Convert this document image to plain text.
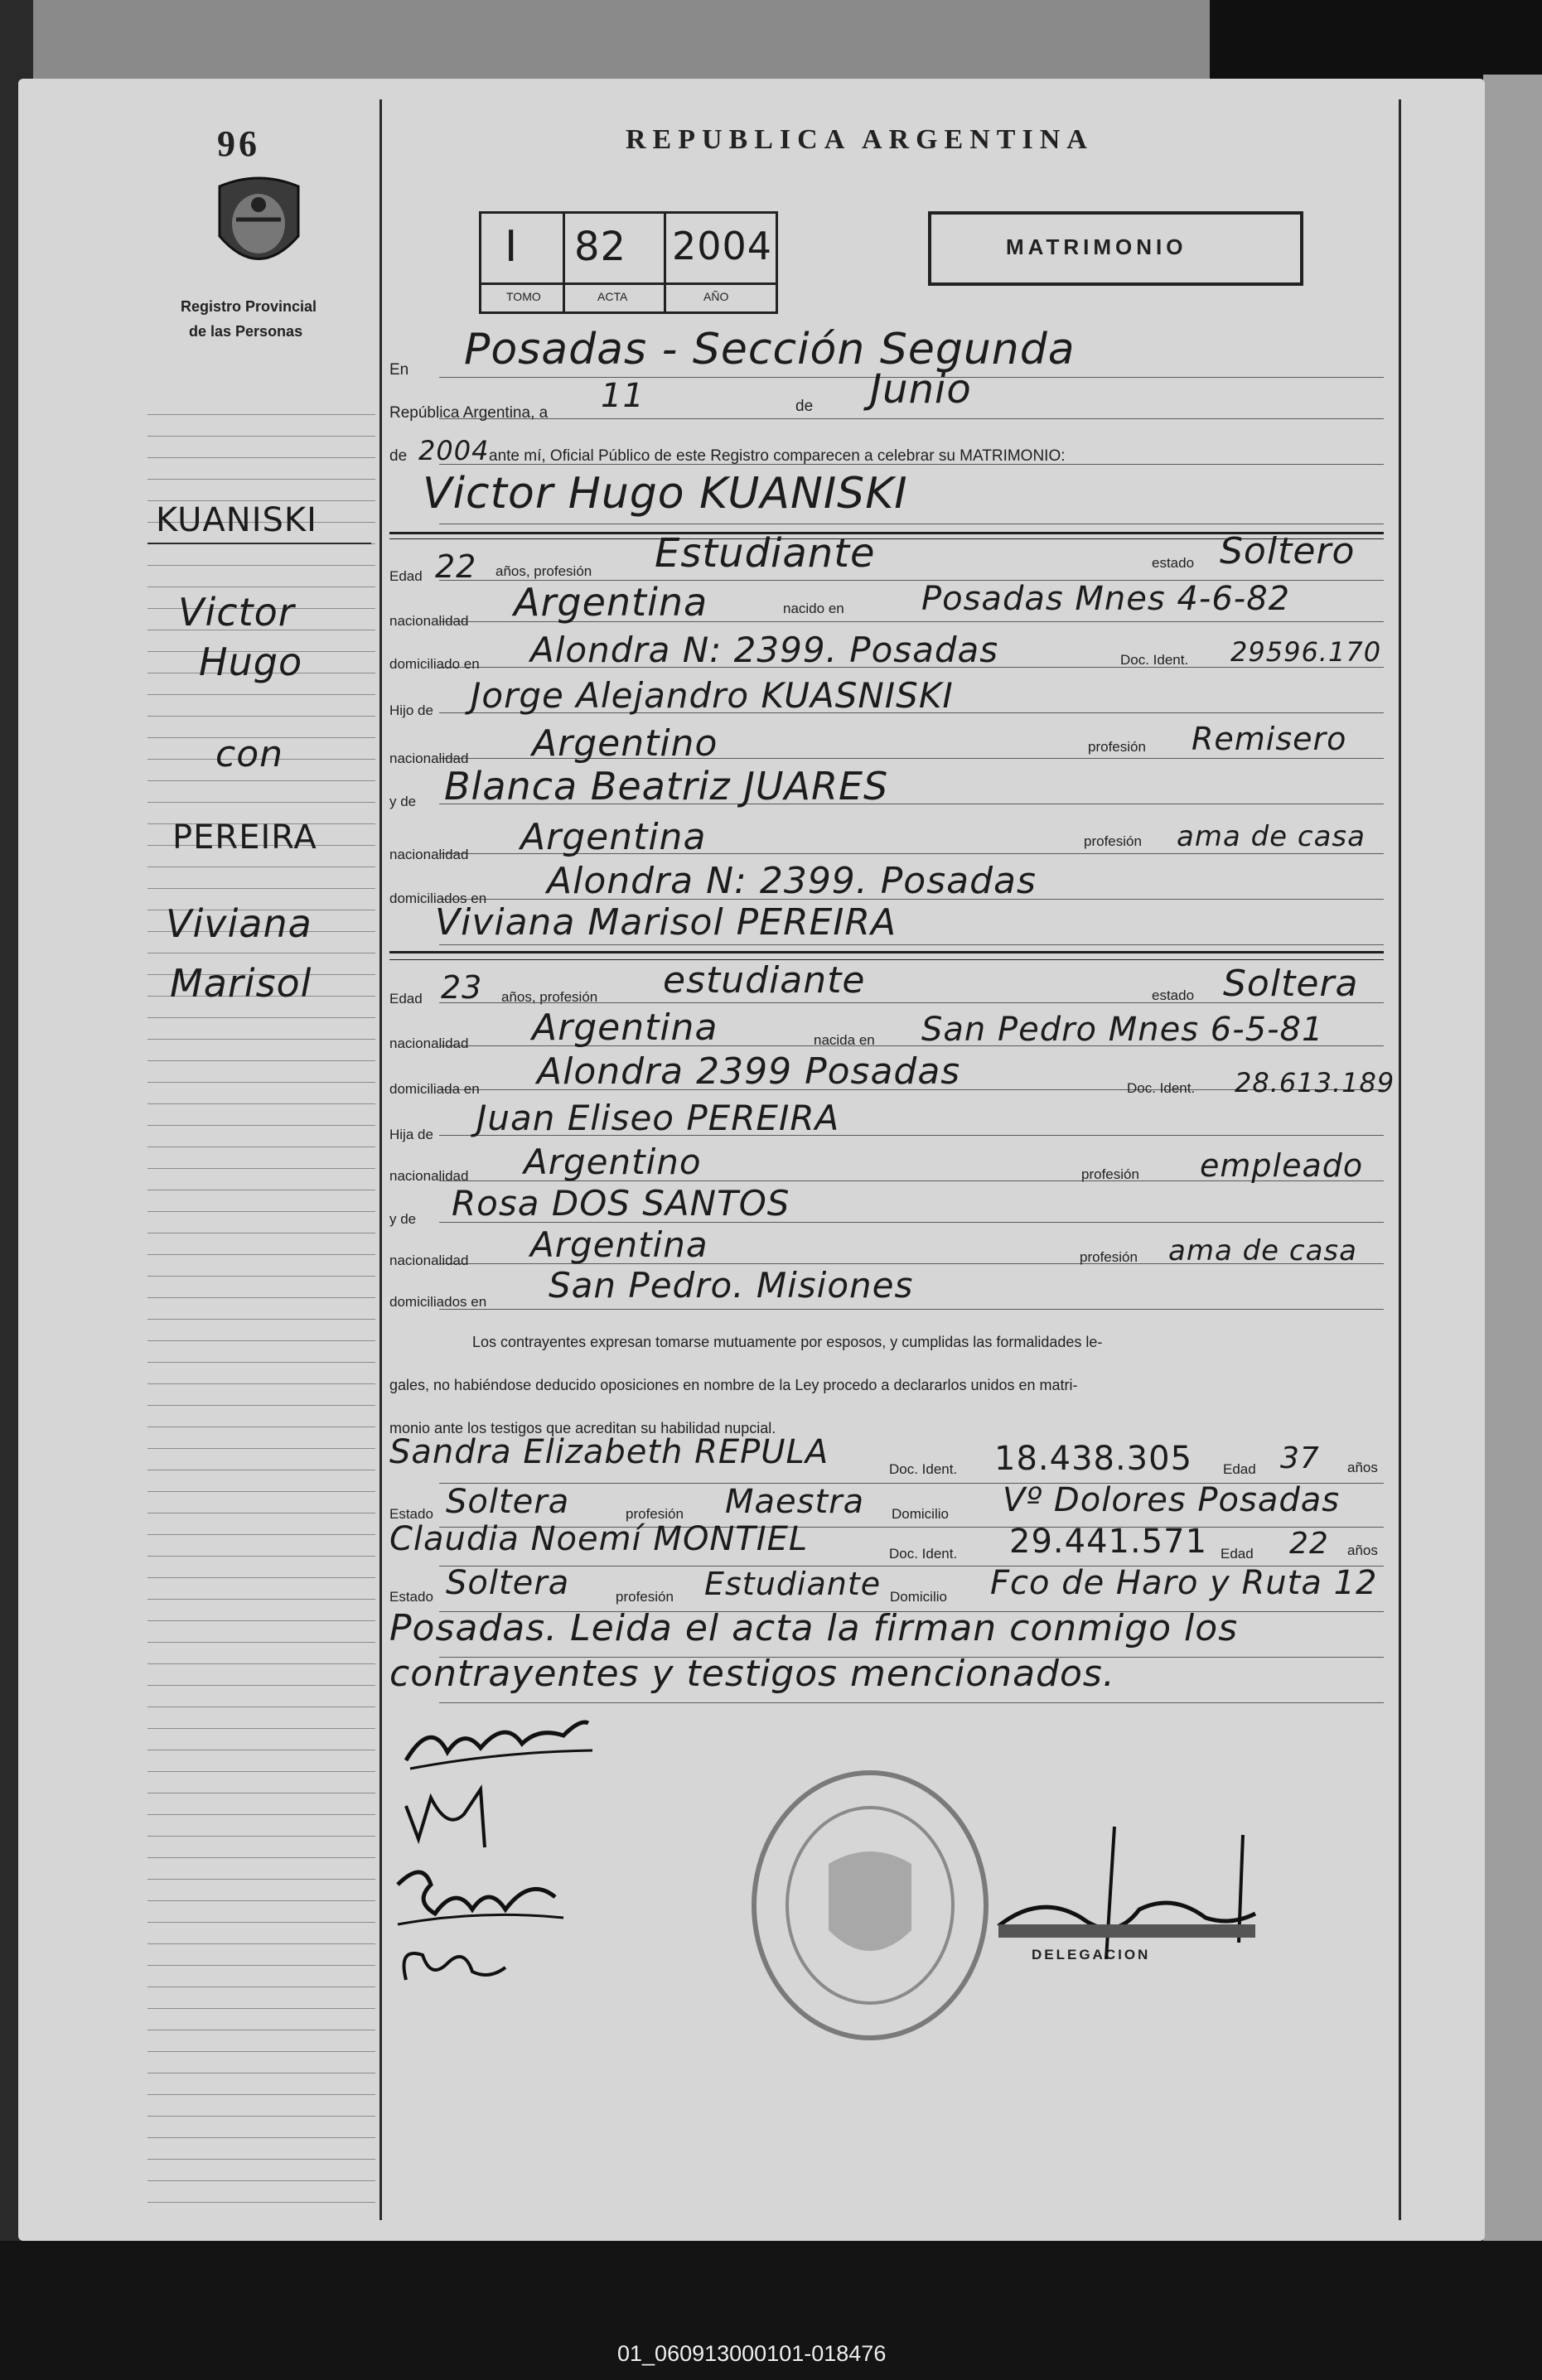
96
Registro Provincial
de las Personas
REPUBLICA ARGENTINA
I 82 2004
TOMO	ACTA	AÑO
MATRIMONIO
En Posadas - Sección Segunda
República Argentina, a 11	de Junio
de 2004 ante mí, Oficial Público de este Registro comparecen a celebrar su MATRIMONIO:
KUANISKI
Victor
Hugo
con
PEREIRA
Viviana
Marisol
Victor Hugo KUANISKI
Edad 22 años, profesión Estudiante	estado Soltero
nacionalidad Argentina	nacido en Posadas Mnes 4-6-82
domiciliado en Alondra N: 2399. Posadas	Doc. Ident. 29596.170
Hijo de Jorge Alejandro KUASNISKI
nacionalidad Argentino	profesión Remisero
y de Blanca Beatriz JUARES
nacionalidad Argentina	profesión ama de casa
domiciliados en Alondra N: 2399. Posadas
Viviana Marisol PEREIRA
Edad 23 años, profesión estudiante	estado Soltera
nacionalidad Argentina	nacida en San Pedro Mnes 6-5-81
domiciliada en Alondra 2399 Posadas	Doc. Ident. 28.613.189
Hija de Juan Eliseo PEREIRA
nacionalidad Argentino	profesión empleado
y de Rosa DOS SANTOS
nacionalidad Argentina	profesión ama de casa
domiciliados en San Pedro. Misiones
Los contrayentes expresan tomarse mutuamente por esposos, y cumplidas las formalidades le-
gales, no habiéndose deducido oposiciones en nombre de la Ley procedo a declararlos unidos en matri-
monio ante los testigos que acreditan su habilidad nupcial.
Sandra Elizabeth REPULA	Doc. Ident. 18.438.305 Edad 37 años
Estado Soltera	profesión Maestra Domicilio Vº Dolores Posadas
Claudia Noemí MONTIEL	Doc. Ident. 29.441.571 Edad 22 años
Estado Soltera	profesión Estudiante Domicilio Fco de Haro y Ruta 12
Posadas. Leida el acta la firman conmigo los
contrayentes y testigos mencionados.
DELEGACION
01_060913000101-018476
